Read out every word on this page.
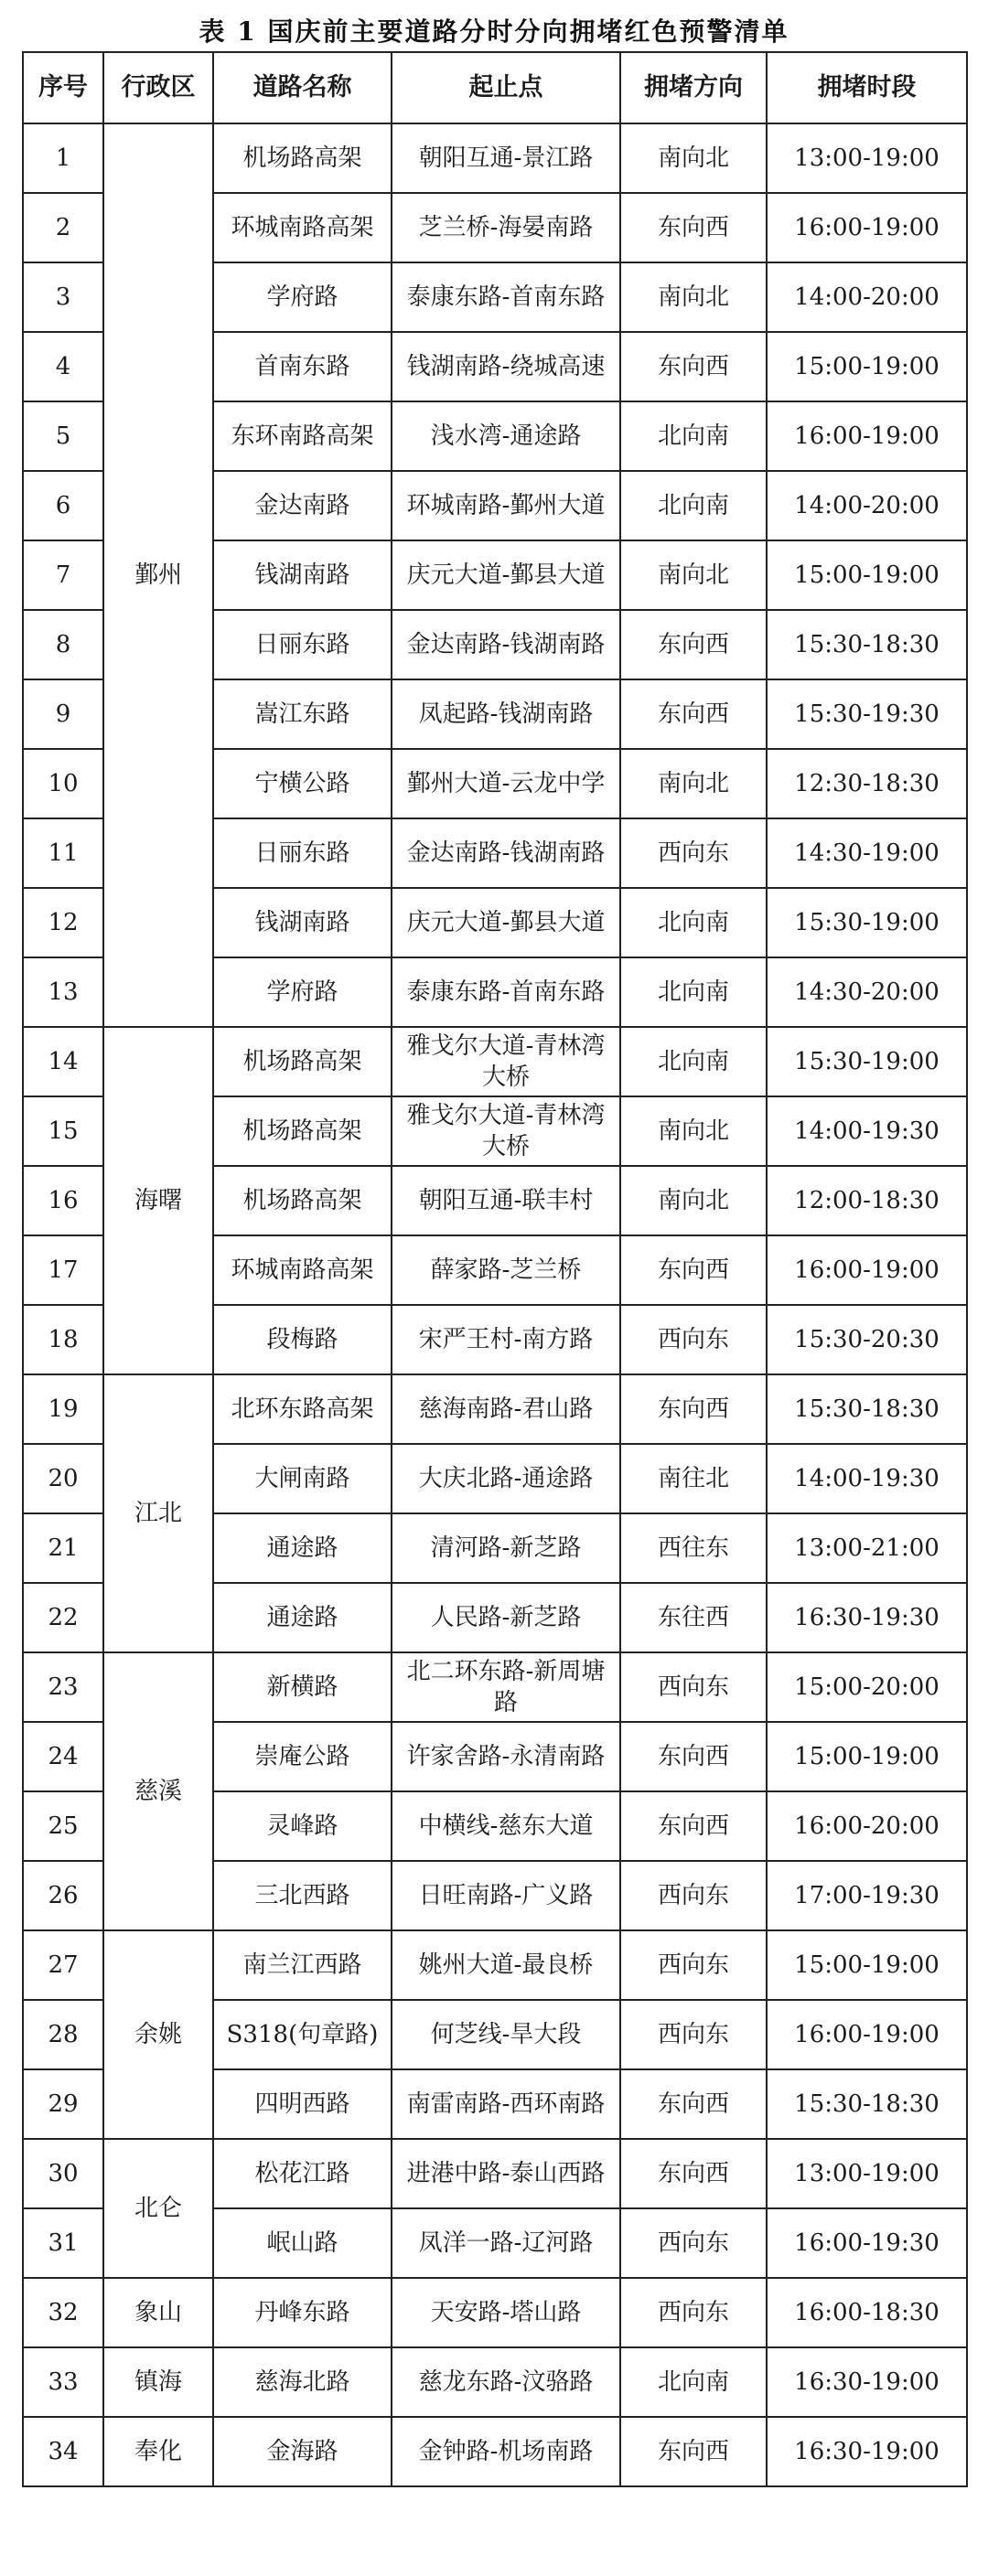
表 1 国庆前主要道路分时分向拥堵红色预警清单
序号	行政区	道路名称	起止点	拥堵方向	拥堵时段
1	鄞州	机场路高架	朝阳互通-景江路	南向北	13:00-19:00
2		环城南路高架	芝兰桥-海晏南路	东向西	16:00-19:00
3		学府路	泰康东路-首南东路	南向北	14:00-20:00
4		首南东路	钱湖南路-绕城高速	东向西	15:00-19:00
5		东环南路高架	浅水湾-通途路	北向南	16:00-19:00
6		金达南路	环城南路-鄞州大道	北向南	14:00-20:00
7		钱湖南路	庆元大道-鄞县大道	南向北	15:00-19:00
8		日丽东路	金达南路-钱湖南路	东向西	15:30-18:30
9		嵩江东路	凤起路-钱湖南路	东向西	15:30-19:30
10		宁横公路	鄞州大道-云龙中学	南向北	12:30-18:30
11		日丽东路	金达南路-钱湖南路	西向东	14:30-19:00
12		钱湖南路	庆元大道-鄞县大道	北向南	15:30-19:00
13		学府路	泰康东路-首南东路	北向南	14:30-20:00
14	海曙	机场路高架	雅戈尔大道-青林湾大桥	北向南	15:30-19:00
15		机场路高架	雅戈尔大道-青林湾大桥	南向北	14:00-19:30
16		机场路高架	朝阳互通-联丰村	南向北	12:00-18:30
17		环城南路高架	薛家路-芝兰桥	东向西	16:00-19:00
18		段梅路	宋严王村-南方路	西向东	15:30-20:30
19	江北	北环东路高架	慈海南路-君山路	东向西	15:30-18:30
20		大闸南路	大庆北路-通途路	南往北	14:00-19:30
21		通途路	清河路-新芝路	西往东	13:00-21:00
22		通途路	人民路-新芝路	东往西	16:30-19:30
23	慈溪	新横路	北二环东路-新周塘路	西向东	15:00-20:00
24		崇庵公路	许家舍路-永清南路	东向西	15:00-19:00
25		灵峰路	中横线-慈东大道	东向西	16:00-20:00
26		三北西路	日旺南路-广义路	西向东	17:00-19:30
27	余姚	南兰江西路	姚州大道-最良桥	西向东	15:00-19:00
28		S318(句章路)	何芝线-旱大段	西向东	16:00-19:00
29		四明西路	南雷南路-西环南路	东向西	15:30-18:30
30	北仑	松花江路	进港中路-泰山西路	东向西	13:00-19:00
31		岷山路	凤洋一路-辽河路	西向东	16:00-19:30
32	象山	丹峰东路	天安路-塔山路	西向东	16:00-18:30
33	镇海	慈海北路	慈龙东路-汶骆路	北向南	16:30-19:00
34	奉化	金海路	金钟路-机场南路	东向西	16:30-19:00
